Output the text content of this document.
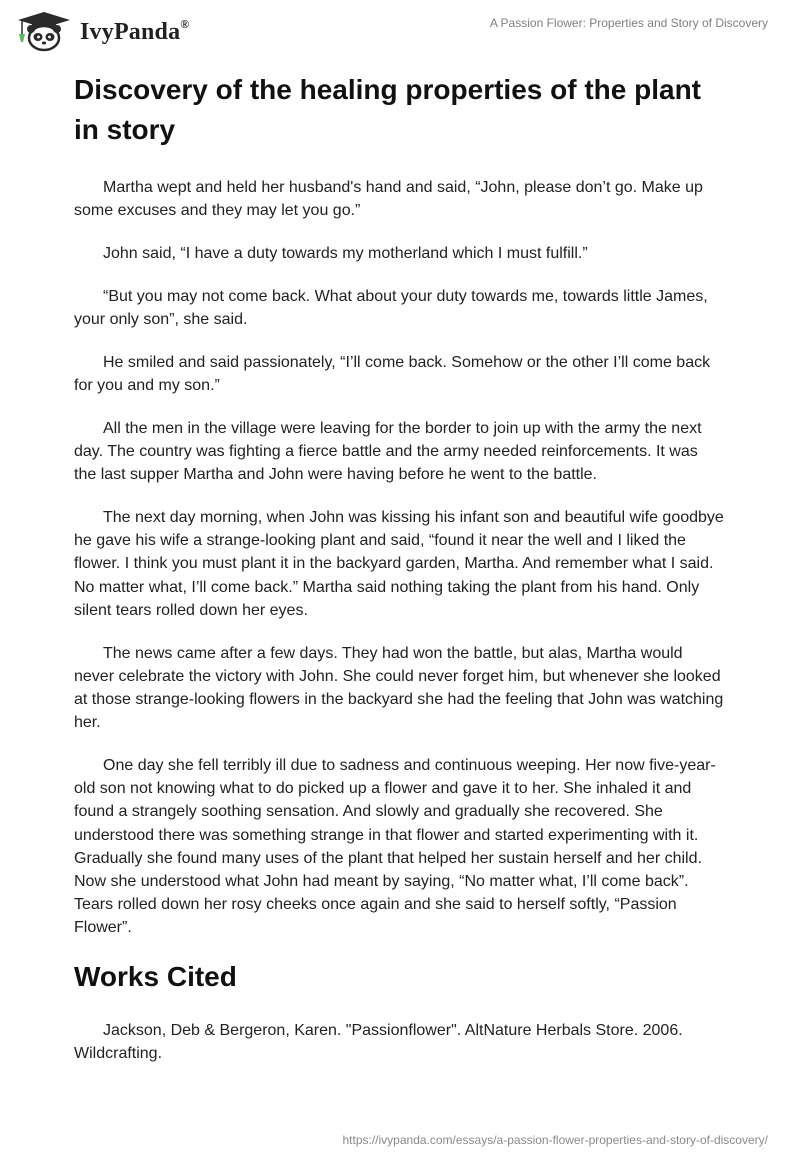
IvyPanda®	A Passion Flower: Properties and Story of Discovery
Discovery of the healing properties of the plant in story

Martha wept and held her husband's hand and said, “John, please don’t go. Make up some excuses and they may let you go.”

John said, “I have a duty towards my motherland which I must fulfill.”

“But you may not come back. What about your duty towards me, towards little James, your only son”, she said.

He smiled and said passionately, “I’ll come back. Somehow or the other I’ll come back for you and my son.”

All the men in the village were leaving for the border to join up with the army the next day. The country was fighting a fierce battle and the army needed reinforcements. It was the last supper Martha and John were having before he went to the battle.

The next day morning, when John was kissing his infant son and beautiful wife goodbye he gave his wife a strange-looking plant and said, “found it near the well and I liked the flower. I think you must plant it in the backyard garden, Martha. And remember what I said. No matter what, I’ll come back.” Martha said nothing taking the plant from his hand. Only silent tears rolled down her eyes.

The news came after a few days. They had won the battle, but alas, Martha would never celebrate the victory with John. She could never forget him, but whenever she looked at those strange-looking flowers in the backyard she had the feeling that John was watching her.

One day she fell terribly ill due to sadness and continuous weeping. Her now five-year-old son not knowing what to do picked up a flower and gave it to her. She inhaled it and found a strangely soothing sensation. And slowly and gradually she recovered. She understood there was something strange in that flower and started experimenting with it. Gradually she found many uses of the plant that helped her sustain herself and her child. Now she understood what John had meant by saying, “No matter what, I’ll come back”. Tears rolled down her rosy cheeks once again and she said to herself softly, “Passion Flower”.

Works Cited

Jackson, Deb & Bergeron, Karen. "Passionflower". AltNature Herbals Store. 2006. Wildcrafting.

https://ivypanda.com/essays/a-passion-flower-properties-and-story-of-discovery/
